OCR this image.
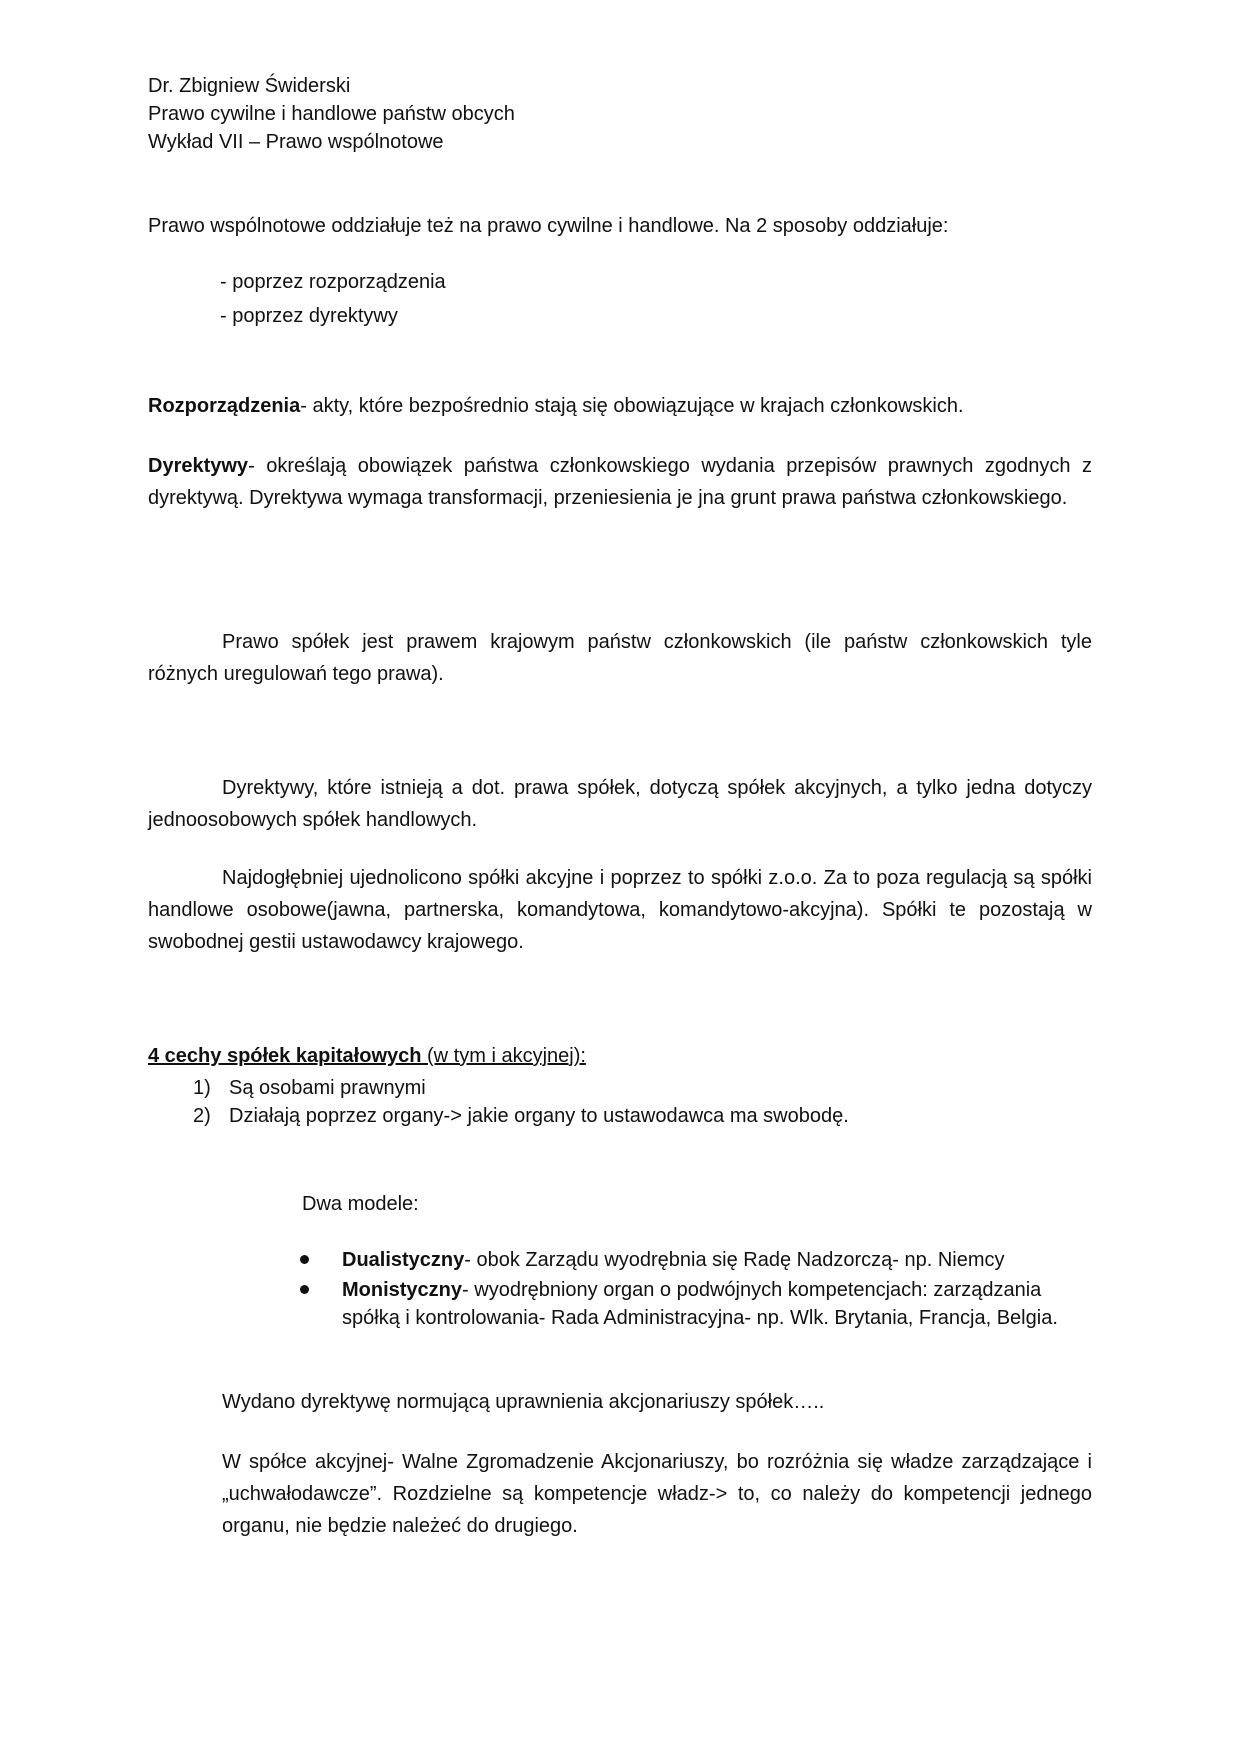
Dr. Zbigniew Świderski

Prawo cywilne i handlowe państw obcych

Wykład VII – Prawo wspólnotowe

Prawo wspólnotowe oddziałuje też na prawo cywilne i handlowe. Na 2 sposoby oddziałuje:

- poprzez rozporządzenia

- poprzez dyrektywy

Rozporządzenia- akty, które bezpośrednio stają się obowiązujące w krajach członkowskich.

Dyrektywy- określają obowiązek państwa członkowskiego wydania przepisów prawnych zgodnych z dyrektywą. Dyrektywa wymaga transformacji, przeniesienia je jna grunt prawa państwa członkowskiego.

Prawo spółek jest prawem krajowym państw członkowskich (ile państw członkowskich tyle różnych uregulowań tego prawa).

Dyrektywy, które istnieją a dot. prawa spółek, dotyczą spółek akcyjnych, a tylko jedna dotyczy jednoosobowych spółek handlowych.

Najdogłębniej ujednolicono spółki akcyjne i poprzez to spółki z.o.o. Za to poza regulacją są spółki handlowe osobowe(jawna, partnerska, komandytowa, komandytowo-akcyjna). Spółki te pozostają w swobodnej gestii ustawodawcy krajowego.

4 cechy spółek kapitałowych (w tym i akcyjnej):

1) Są osobami prawnymi

2) Działają poprzez organy-> jakie organy to ustawodawca ma swobodę.

Dwa modele:

Dualistyczny- obok Zarządu wyodrębnia się Radę Nadzorczą- np. Niemcy

Monistyczny- wyodrębniony organ o podwójnych kompetencjach: zarządzania spółką i kontrolowania- Rada Administracyjna- np. Wlk. Brytania, Francja, Belgia.

Wydano dyrektywę normującą uprawnienia akcjonariuszy spółek…..

W spółce akcyjnej- Walne Zgromadzenie Akcjonariuszy, bo rozróżnia się władze zarządzające i „uchwałodawcze”. Rozdzielne są kompetencje władz-> to, co należy do kompetencji jednego organu, nie będzie należeć do drugiego.
